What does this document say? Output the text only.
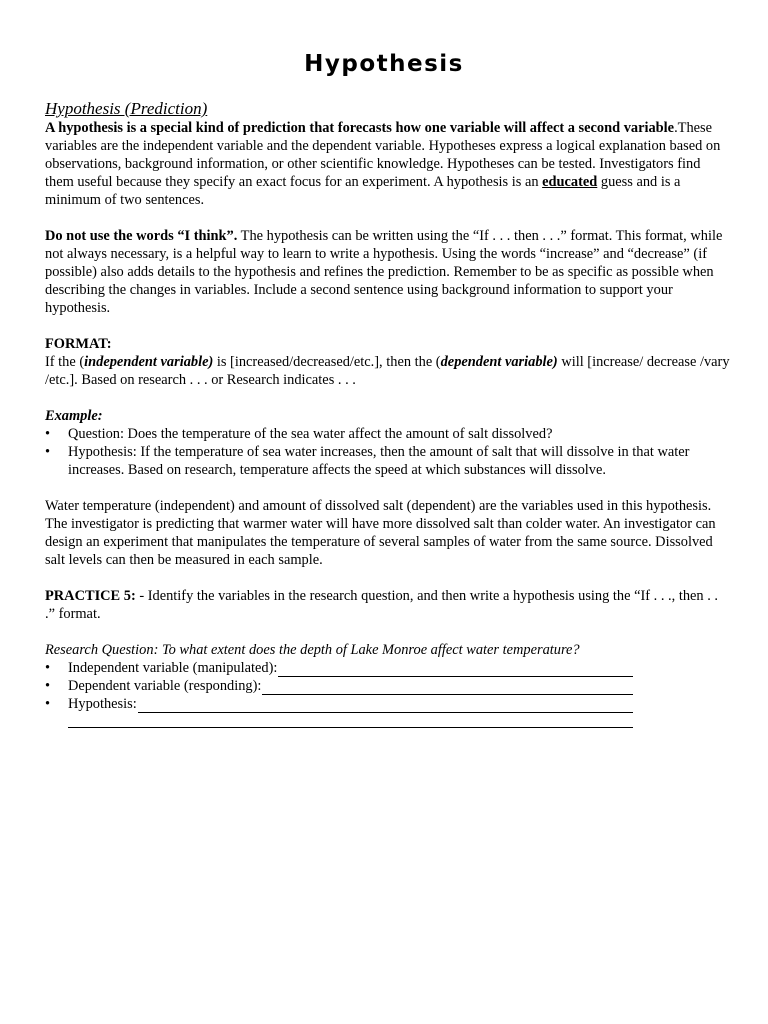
Hypothesis
Hypothesis (Prediction)

A hypothesis is a special kind of prediction that forecasts how one variable will affect a second variable.These variables are the independent variable and the dependent variable. Hypotheses express a logical explanation based on observations, background information, or other scientific knowledge. Hypotheses can be tested. Investigators find them useful because they specify an exact focus for an experiment. A hypothesis is an educated guess and is a minimum of two sentences.

Do not use the words “I think”. The hypothesis can be written using the “If . . . then . . .” format. This format, while not always necessary, is a helpful way to learn to write a hypothesis. Using the words “increase” and “decrease” (if possible) also adds details to the hypothesis and refines the prediction. Remember to be as specific as possible when describing the changes in variables. Include a second sentence using background information to support your hypothesis.

FORMAT:

If the (independent variable) is [increased/decreased/etc.], then the (dependent variable) will [increase/ decrease /vary /etc.]. Based on research . . . or Research indicates . . .

Example:

• Question: Does the temperature of the sea water affect the amount of salt dissolved?
• Hypothesis: If the temperature of sea water increases, then the amount of salt that will dissolve in that water increases. Based on research, temperature affects the speed at which substances will dissolve.

Water temperature (independent) and amount of dissolved salt (dependent) are the variables used in this hypothesis. The investigator is predicting that warmer water will have more dissolved salt than colder water. An investigator can design an experiment that manipulates the temperature of several samples of water from the same source. Dissolved salt levels can then be measured in each sample.

PRACTICE 5: - Identify the variables in the research question, and then write a hypothesis using the “If . . ., then . . .” format.

Research Question: To what extent does the depth of Lake Monroe affect water temperature?

• Independent variable (manipulated):
• Dependent variable (responding):
• Hypothesis:
